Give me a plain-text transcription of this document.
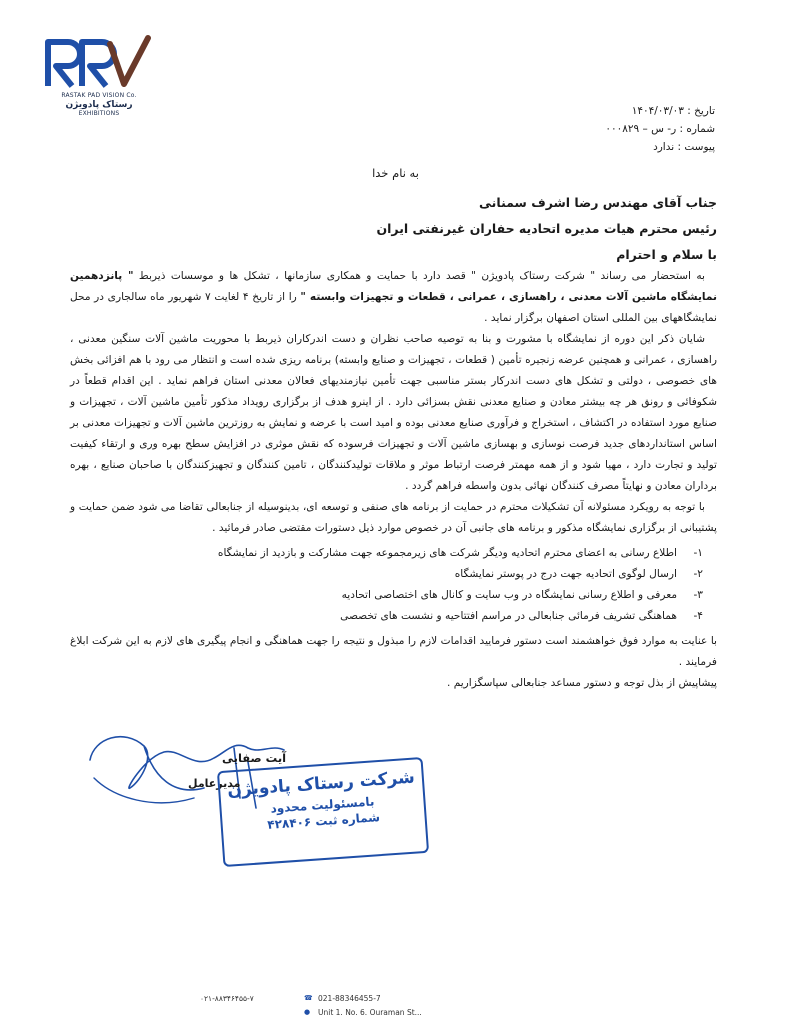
RASTAK PAD VISION Co.
رستاک پادویژن
EXHIBITIONS	تاریخ : ۱۴۰۴/۰۳/۰۳
شماره : ر- س – ۰۰۰۸۲۹
پیوست : ندارد
به نام خدا
جناب آقای مهندس رضا اشرف سمنانی
رئیس محترم هیات مدیره اتحادیه حفاران غیرنفتی ایران
با سلام و احترام

به استحضار می رساند " شرکت رستاک پادویژن " قصد دارد با حمایت و همکاری سازمانها ، تشکل ها و موسسات ذیربط " پانزدهمین نمایشگاه ماشین آلات معدنی ، راهسازی ، عمرانی ، قطعات و تجهیزات وابسته " را از تاریخ ۴ لغایت ۷ شهریور ماه سالجاری در محل نمایشگاههای بین المللی استان اصفهان برگزار نماید .

شایان ذکر این دوره از نمایشگاه با مشورت و بنا به توصیه صاحب نظران و دست اندرکاران ذیربط با محوریت ماشین آلات سنگین معدنی ، راهسازی ، عمرانی و همچنین عرضه زنجیره تأمین ( قطعات ، تجهیزات و صنایع وابسته) برنامه ریزی شده است و انتظار می رود با هم افزائی بخش های خصوصی ، دولتی و تشکل های دست اندرکار بستر مناسبی جهت تأمین نیازمندیهای فعالان معدنی استان فراهم نماید . این اقدام قطعاً در شکوفائی و رونق هر چه بیشتر معادن و صنایع معدنی نقش بسزائی دارد . از اینرو هدف از برگزاری رویداد مذکور تأمین ماشین آلات ، تجهیزات و صنایع مورد استفاده در اکتشاف ، استخراج و فرآوری صنایع معدنی بوده و امید است با عرضه و نمایش به روزترین ماشین آلات و تجهیزات معدنی بر اساس استانداردهای جدید فرصت نوسازی و بهسازی ماشین آلات و تجهیزات فرسوده که نقش موثری در افزایش سطح بهره وری و ارتقاء کیفیت تولید و تجارت دارد ، مهیا شود و از همه مهمتر فرصت ارتباط موثر و ملاقات تولیدکنندگان ، تامین کنندگان و تجهیزکنندگان با صاحبان صنایع ، بهره برداران معادن و نهایتاً مصرف کنندگان نهائی بدون واسطه فراهم گردد .

با توجه به رویکرد مسئولانه آن تشکیلات محترم در حمایت از برنامه های صنفی و توسعه ای، بدینوسیله از جنابعالی تقاضا می شود ضمن حمایت و پشتیبانی از برگزاری نمایشگاه مذکور و برنامه های جانبی آن در خصوص موارد ذیل دستورات مقتضی صادر فرمائید .

۱-
اطلاع رسانی به اعضای محترم اتحادیه ودیگر شرکت های زیرمجموعه جهت مشارکت و بازدید از نمایشگاه
۲-
ارسال لوگوی اتحادیه جهت درج در پوستر نمایشگاه
۳-
معرفی و اطلاع رسانی نمایشگاه در وب سایت و کانال های اختصاصی اتحادیه
۴-
هماهنگی تشریف فرمائی جنابعالی در مراسم افتتاحیه و نشست های تخصصی

با عنایت به موارد فوق خواهشمند است دستور فرمایید اقدامات لازم را مبذول و نتیجه را جهت هماهنگی و انجام پیگیری های لازم به این شرکت ابلاغ فرمایند .

پیشاپیش از بذل توجه و دستور مساعد جنابعالی سپاسگزاریم .

آیت صفایی
مدیرعامل
شرکت رستاک پادویژن
بامسئولیت محدود
شماره ثبت ۴۲۸۴۰۶
۰۲۱-۸۸۳۴۶۴۵۵-۷	☎ 021-88346455-7
● Unit 1. No. 6. Ouraman St...
